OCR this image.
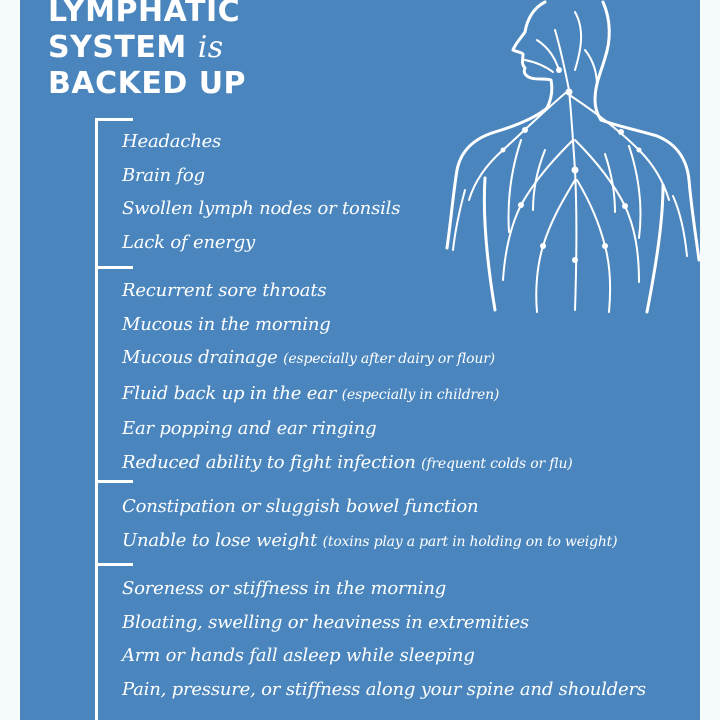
LYMPHATIC
SYSTEM is
BACKED UP
Headaches
Brain fog
Swollen lymph nodes or tonsils
Lack of energy
Recurrent sore throats
Mucous in the morning
Mucous drainage (especially after dairy or flour)
Fluid back up in the ear (especially in children)
Ear popping and ear ringing
Reduced ability to fight infection (frequent colds or flu)
Constipation or sluggish bowel function
Unable to lose weight (toxins play a part in holding on to weight)
Soreness or stiffness in the morning
Bloating, swelling or heaviness in extremities
Arm or hands fall asleep while sleeping
Pain, pressure, or stiffness along your spine and shoulders
